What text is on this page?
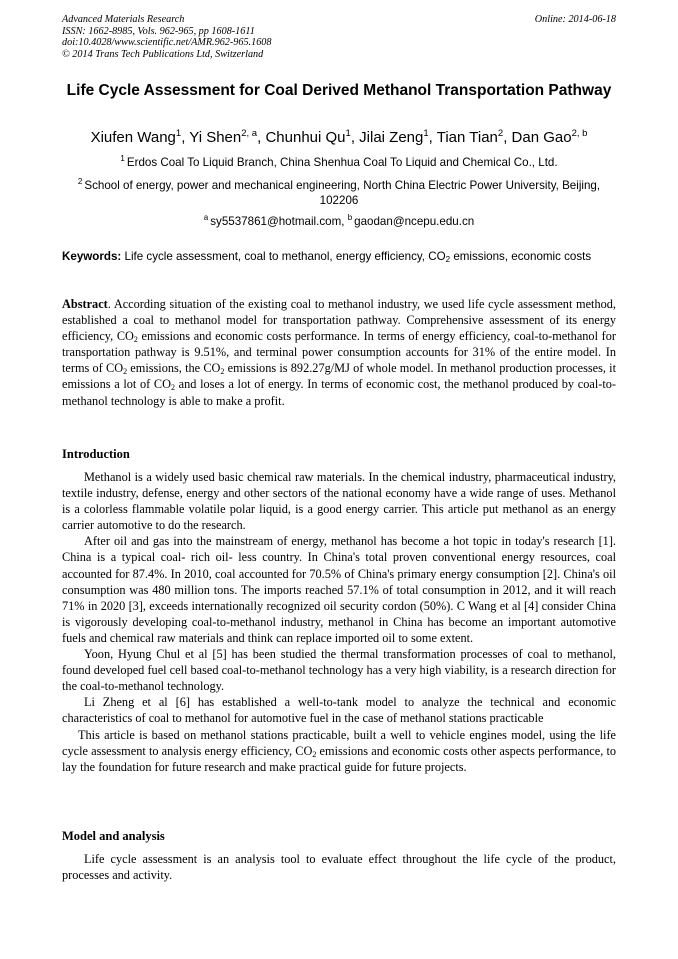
Advanced Materials Research
ISSN: 1662-8985, Vols. 962-965, pp 1608-1611
doi:10.4028/www.scientific.net/AMR.962-965.1608
© 2014 Trans Tech Publications Ltd, Switzerland
Online: 2014-06-18
Life Cycle Assessment for Coal Derived Methanol Transportation Pathway
Xiufen Wang$^1$, Yi Shen$^{2, a}$, Chunhui Qu$^1$, Jilai Zeng$^1$, Tian Tian$^2$, Dan Gao$^{2, b}$
$^1$ Erdos Coal To Liquid Branch, China Shenhua Coal To Liquid and Chemical Co., Ltd.
$^2$ School of energy, power and mechanical engineering, North China Electric Power University, Beijing, 102206
$^a$ sy5537861@hotmail.com, $^b$ gaodan@ncepu.edu.cn
Keywords: Life cycle assessment, coal to methanol, energy efficiency, $CO_2$ emissions, economic costs
Abstract. According situation of the existing coal to methanol industry, we used life cycle assessment method, established a coal to methanol model for transportation pathway. Comprehensive assessment of its energy efficiency, $CO_2$ emissions and economic costs performance. In terms of energy efficiency, coal-to-methanol for transportation pathway is 9.51%, and terminal power consumption accounts for 31% of the entire model. In terms of $CO_2$ emissions, the $CO_2$ emissions is 892.27g/MJ of whole model. In methanol production processes, it emissions a lot of $CO_2$ and loses a lot of energy. In terms of economic cost, the methanol produced by coal-to-methanol technology is able to make a profit.
Introduction

Methanol is a widely used basic chemical raw materials. In the chemical industry, pharmaceutical industry, textile industry, defense, energy and other sectors of the national economy have a wide range of uses. Methanol is a colorless flammable volatile polar liquid, is a good energy carrier. This article put methanol as an energy carrier automotive to do the research.

After oil and gas into the mainstream of energy, methanol has become a hot topic in today's research [1]. China is a typical coal- rich oil- less country. In China's total proven conventional energy resources, coal accounted for 87.4%. In 2010, coal accounted for 70.5% of China's primary energy consumption [2]. China's oil consumption was 480 million tons. The imports reached 57.1% of total consumption in 2012, and it will reach 71% in 2020 [3], exceeds internationally recognized oil security cordon (50%). C Wang et al [4] consider China is vigorously developing coal-to-methanol industry, methanol in China has become an important automotive fuels and chemical raw materials and think can replace imported oil to some extent.

Yoon, Hyung Chul et al [5] has been studied the thermal transformation processes of coal to methanol, found developed fuel cell based coal-to-methanol technology has a very high viability, is a research direction for the coal-to-methanol technology.

Li Zheng et al [6] has established a well-to-tank model to analyze the technical and economic characteristics of coal to methanol for automotive fuel in the case of methanol stations practicable

This article is based on methanol stations practicable, built a well to vehicle engines model, using the life cycle assessment to analysis energy efficiency, $CO_2$ emissions and economic costs other aspects performance, to lay the foundation for future research and make practical guide for future projects.

Model and analysis

Life cycle assessment is an analysis tool to evaluate effect throughout the life cycle of the product, processes and activity.
